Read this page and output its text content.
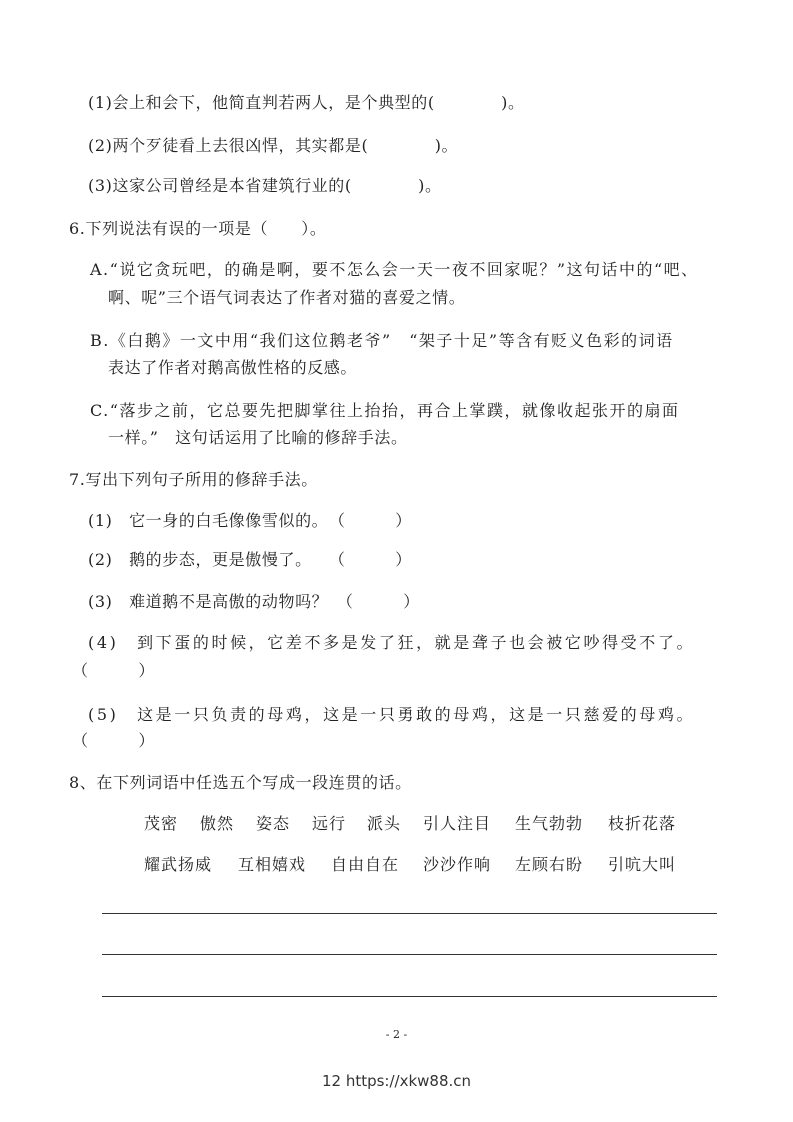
(1)会上和会下，他简直判若两人，是个典型的(　　　　)。
(2)两个歹徒看上去很凶悍，其实都是(　　　　)。
(3)这家公司曾经是本省建筑行业的(　　　　)。
6.下列说法有误的一项是（　　）。
A.“说它贪玩吧，的确是啊，要不怎么会一天一夜不回家呢？”这句话中的“吧、
啊、呢”三个语气词表达了作者对猫的喜爱之情。
B.《白鹅》一文中用“我们这位鹅老爷”　“架子十足”等含有贬义色彩的词语
表达了作者对鹅高傲性格的反感。
C.“落步之前，它总要先把脚掌往上抬抬，再合上掌蹼，就像收起张开的扇面
一样。”　这句话运用了比喻的修辞手法。
7.写出下列句子所用的修辞手法。
(1)　它一身的白毛像像雪似的。　（　　　）
(2)　鹅的步态，更是傲慢了。　　（　　　）
(3)　难道鹅不是高傲的动物吗？　（　　　）
(4)　到下蛋的时候，它差不多是发了狂，就是聋子也会被它吵得受不了。
（　　　）
(5)　这是一只负责的母鸡，这是一只勇敢的母鸡，这是一只慈爱的母鸡。
（　　　）
8、在下列词语中任选五个写成一段连贯的话。
茂密 傲然 姿态 远行 派头 引人注目 生气勃勃 枝折花落
耀武扬威 互相嬉戏 自由自在 沙沙作响 左顾右盼 引吭大叫
- 2 -
12 https://xkw88.cn
